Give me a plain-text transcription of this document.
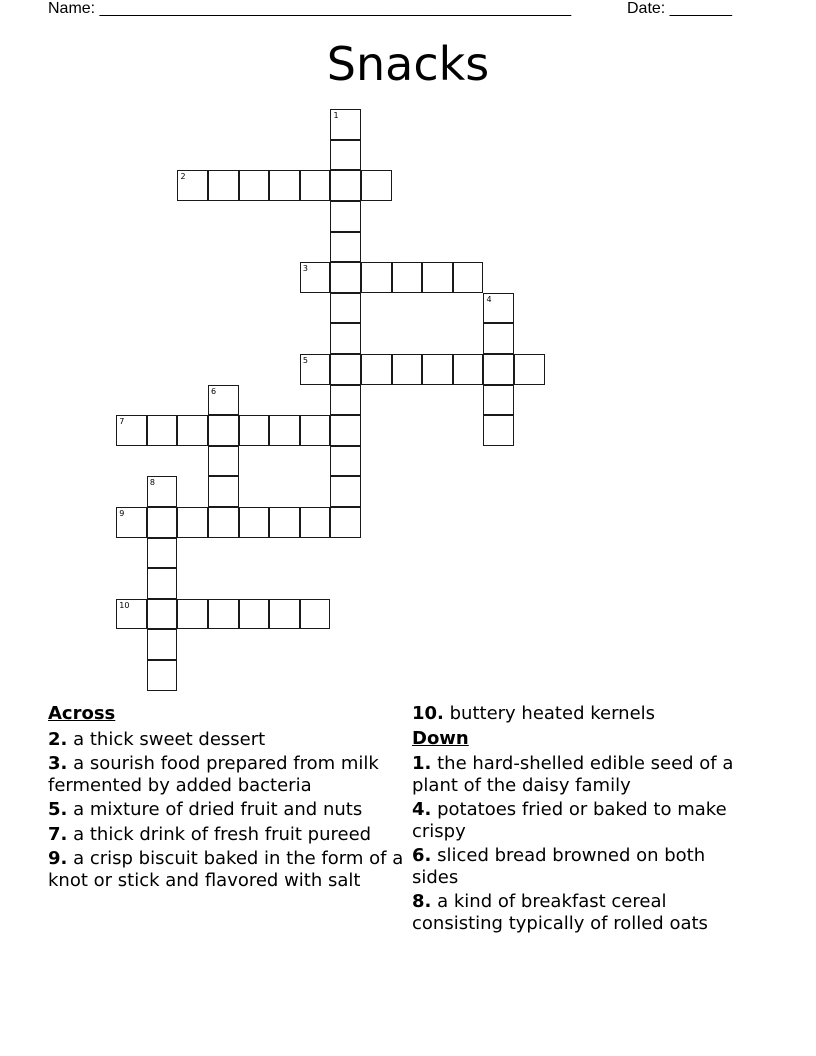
Name: _____________________________________________________	Date: _______
Snacks
1
2
3
4
5
6
7
8
9
10
Across
2. a thick sweet dessert
3. a sourish food prepared from milk fermented by added bacteria
5. a mixture of dried fruit and nuts
7. a thick drink of fresh fruit pureed
9. a crisp biscuit baked in the form of a knot or stick and flavored with salt
10. buttery heated kernels
Down
1. the hard-shelled edible seed of a plant of the daisy family
4. potatoes fried or baked to make crispy
6. sliced bread browned on both sides
8. a kind of breakfast cereal consisting typically of rolled oats
